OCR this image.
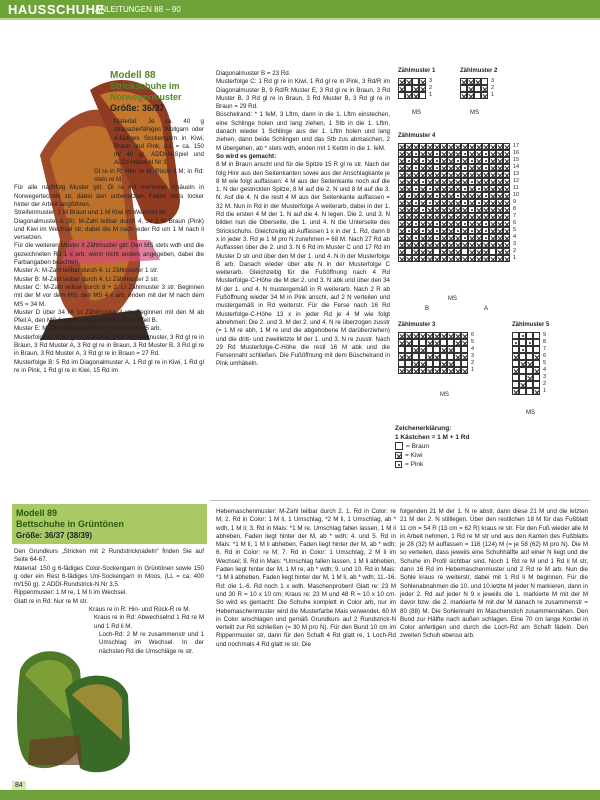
HAUSSCHUHE
ANLEITUNGEN 88 – 90
Modell 88
Strickschuhe im
Norwegermuster
Größe: 36/37

Material: Je ca. 40 g strapazierfähiges Wollgarn oder 4-fädiges Sockengarn in Kiwi, Braun und Pink, (LL = ca. 150 m/ 40 g). ADDI-N-Spiel und ADDI-Häkel-N Nr 3.

Gl re in R: Hinr re M, Rückr li M; in Rd: stets re M.

Für alle nachfolg Muster gilt: Gl re mit mehreren Knäueln in Norwegertechnik str, dabei den unbenutzten Faden stets locker hinter der Arbeit langführen.

Streifenmuster: 1 M Braun und 1 M Kiwi im Wechsel str.

Diagonalmuster A (B): M-Zahl teilbar durch 4, Je 2 M Braun (Pink) und Kiwi im Wechsel str, dabei die M nach jeder Rd um 1 M nach li versetzen.

Für die weiteren Muster lt Zählmuster gilt: Den MS stets wdh und die gezeichneten Rd 1 x arb, wenn nicht anders angegeben, dabei die Farbangaben beachten.

Muster A: M-Zahl teilbar durch 4. Lt Zählmuster 1 str.

Muster B: M-Zahl teilbar durch 4. Lt Zählmuster 2 str.

Muster C: M-Zahl teilbar durch 8 + 2. Lt Zählmuster 3 str. Beginnen mit der M vor dem MS, den MS 4 x arb, enden mit der M nach dem MS = 34 M.

Muster D über 34 M: Lt Zählmuster 4 str. Beginnen mit den M ab Pfeil A, den MS 1 x arb, enden mit den M bis Pfeil B.

Muster E: M-Zahl teilbar durch 4. Lt Zählmuster 5 arb.

Musterfolge A: 3 Rd gl re in Braun, 3 Rd Streifenmuster, 3 Rd gl re in Braun, 3 Rd Muster A, 3 Rd gl re in Braun, 3 Rd Muster B, 3 Rd gl re in Braun, 3 Rd Muster A, 3 Rd gl re in Braun = 27 Rd.

Musterfolge B: 5 Rd im Diagonalmuster A, 1 Rd gl re in Kiwi, 1 Rd gl re in Pink, 1 Rd gl re in Kiwi, 15 Rd im

Diagonalmuster B = 23 Rd.

Musterfolge C: 1 Rd gl re in Kiwi, 1 Rd gl re in Pink, 3 Rd/R im Diagonalmuster B, 9 Rd/R Muster E, 3 Rd gl re in Braun, 3 Rd Muster B, 3 Rd gl re in Braun, 3 Rd Muster B, 3 Rd gl re in Braun = 29 Rd.

Büschelrand: * 1 feM, 3 Lftm, dann in die 1. Lftm einstechen, eine Schlinge holen und lang ziehen, 1 Stb in die 1. Lftm, danach wieder 1 Schlinge aus der 1. Lftm holen und lang ziehen, dann beide Schlingen und das Stb zus abmaschen, 2 M übergehen, ab * stets wdh, enden mit 1 Kettm in die 1. feM.

So wird es gemacht:

8 M in Braun anschl und für die Spitze 15 R gl re str. Nach der folg Hinr aus den Seitenkanten sowie aus der Anschlagkante je 8 M wie folgt auffassen: 4 M aus der Seitenkante noch auf die 1. N der gestrickten Spitze, 8 M auf die 2. N und 8 M auf die 3. N. Auf die 4. N die restl 4 M aus der Seitenkante auffassen = 32 M. Nun in Rd in der Musterfolge A weiterarb, dabei in der 1. Rd die ersten 4 M der 1. N auf die 4. N legen. Die 2. und 3. N bilden nun die Oberseite, die 1. und 4. N die Unterseite des Strickschuhs. Gleichzeitig ab Auffassen 1 x in der 1. Rd, dann 8 x in jeder 3. Rd je 1 M pro N zunehmen = 68 M. Nach 27 Rd ab Auffassen über die 2. und 3. N 6 Rd im Muster C und 17 Rd im Muster D str und über den M der 1. und 4. N in der Musterfolge B arb. Danach wieder über alle N in der Musterfolge C weiterarb. Gleichzeitig für die Fußöffnung nach 4 Rd Musterfolge-C-Höhe die M der 2. und 3. N abk und über den 34 M der 1. und 4. N mustergemäß in R weiterarb. Nach 2 R ab Fußöffnung wieder 34 M in Pink anschl, auf 2 N verteilen und mustergemäß in Rd weiterstr. Für die Ferse nach 16 Rd Musterfolge-C-Höhe 13 x in jeder Rd je 4 M wie folgt abnehmen: Die 2. und 3. M der 2. und 4. N re überzogen zusstr (= 1 M re abh, 1 M re und die abgehobene M darüberziehen) und die dritt- und zweitletzte M der 1. und 3. N re zusstr. Nach 29 Rd Musterfolge-C-Höhe die restl 16 M abk und die Fersennaht schließen. Die Fußöffnung mit dem Büschelrand in Pink umhäkeln.

Zählmuster 1	Zählmuster 2
3
2
1
3
2
1
MS	MS
Zählmuster 4
17
16
15
14
13
12
11
10
9
8
7
6
5
4
3
2
1
MS
B	A
Zählmuster 3	Zählmuster 5
6
5
4
3
2
1
9
8
7
6
5
4
3
2
1
MS
MS
Zeichenerklärung:
1 Kästchen = 1 M + 1 Rd
= Braun
= Kiwi
= Pink
Modell 89
Bettschuhe in Grüntönen
Größe: 36/37 (38/39)

Den Grundkurs „Stricken mit 2 Rundstricknadeln“ finden Sie auf Seite 64-67.

Material: 150 g 6-fädiges Color-Sockengarn in Grüntönen sowie 150 g oder ein Rest 6-fädiges Uni-Sockengarn in Moos, (LL = ca. 400 m/150 g). 2 ADDI-Rundstrick-N Nr 3,5.

Rippenmuster: 1 M re, 1 M li im Wechsel.

Glatt re in Rd: Nur re M str.

Kraus re in R: Hin- und Rück-R re M.

Kraus re in Rd: Abwechselnd 1 Rd re M und 1 Rd li M.

Loch-Rd: 2 M re zusammenstr und 1 Umschlag im Wechsel. In der nächsten Rd die Umschläge re str.

Hebemaschenmuster: M-Zahl teilbar durch 2. 1. Rd in Color: re M; 2. Rd in Color: 1 M li, 1 Umschlag, *2 M li, 1 Umschlag, ab * wdh, 1 M li; 3. Rd in Mais: *1 M re, Umschlag fallen lassen, 1 M li abheben, Faden liegt hinter der M, ab * wdh; 4. und 5. Rd in Mais: *1 M li, 1 M li abheben, Faden liegt hinter der M, ab * wdh; 6. Rd in Color: re M; 7. Rd in Color: 1 Umschlag, 2 M li im Wechsel; 8. Rd in Mais: *Umschlag fallen lassen, 1 M li abheben, Faden liegt hinter der M, 1 M re, ab * wdh; 9. und 10. Rd in Mais: *1 M li abheben, Faden liegt hinter der M, 1 M li, ab * wdh; 11.-16. Rd: die 1.-6. Rd noch 1 x wdh. Maschenproben! Glatt re: 23 M und 30 R = 10 x 10 cm; Kraus re: 23 M und 48 R = 10 x 10 cm. So wird es gemacht: Die Schuhe komplett in Color arb, nur im Hebemaschenmuster wird die Musterfarbe Mais verwendet. 60 M in Color anschlagen und gemäß Grundkurs auf 2 Rundstrick-N verteilt zur Rd schließen (= 30 M pro N). Für den Bund 10 cm im Rippenmuster str, dann für den Schaft 4 Rd glatt re, 1 Loch-Rd und nochmals 4 Rd glatt re str. Die
folgenden 21 M der 1. N re abstr, dann diese 21 M und die letzten 21 M der 2. N stilllegen. Über den restlichen 18 M für das Fußblatt 11 cm = 54 R (13 cm = 62 R) kraus re str. Für den Fuß wieder alle M in Arbeit nehmen, 1 Rd re M str und aus den Kanten des Fußblatts je 28 (32) M auffassen = 116 (124) M (= je 58 (62) M pro N). Die M so verteilen, dass jeweils eine Schuhhälfte auf einer N liegt und die Schuhe im Profil sichtbar sind. Noch 1 Rd re M und 1 Rd li M str, dann 16 Rd im Hebemaschenmuster und 2 Rd re M arb. Nun die Sohle kraus re weiterstr, dabei mit 1 Rd li M beginnen. Für die Sohlenabnahmen die 10. und 10.letzte M jeder N markieren, dann in jeder 2. Rd auf jeder N 9 x jeweils die 1. markierte M mit der M davor bzw. die 2. markierte M mit der M danach re zusammenstr = 80 (88) M. Die Sohlennaht im Maschenstich zusammennähen. Den Bund zur Hälfte nach außen schlagen. Eine 70 cm lange Kordel in Color anfertigen und durch die Loch-Rd am Schaft fädeln. Den zweiten Schuh ebenso arb.
84	PassionForum.ru
